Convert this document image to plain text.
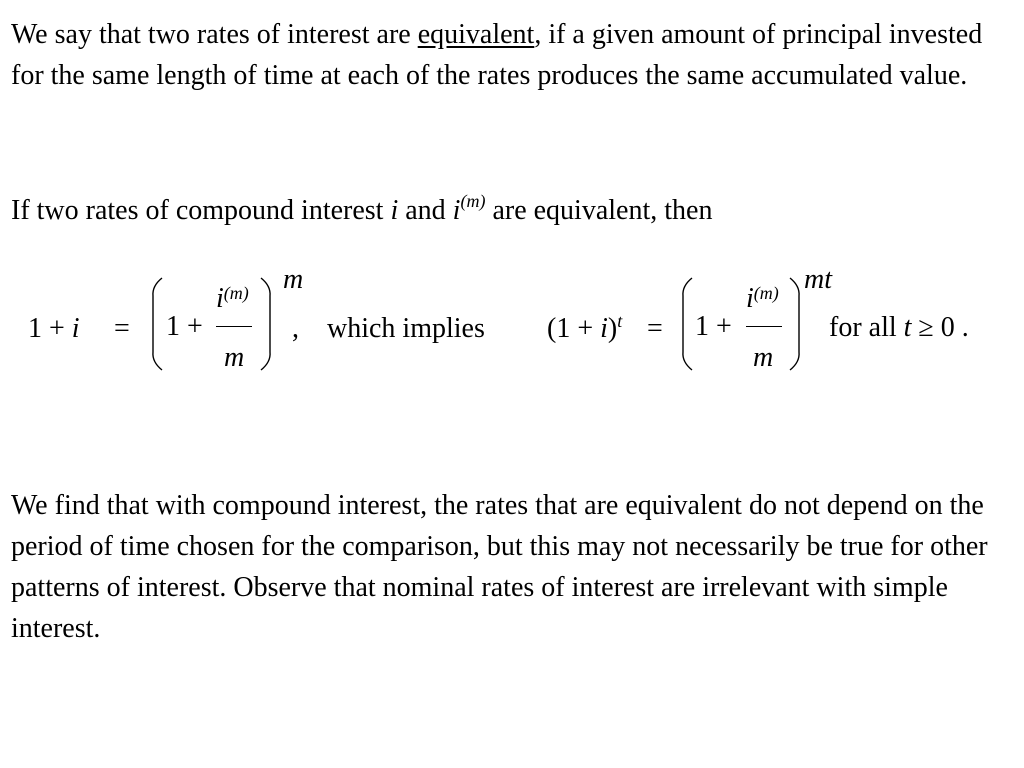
We say that two rates of interest are equivalent, if a given amount of principal invested for the same length of time at each of the rates produces the same accumulated value.

If two rates of compound interest i and $i^{(m)}$ are equivalent, then

1 + i = 1 +
$i^{(m)}$
m
m
, which implies $(1 + i)^t = 1$ +
$i^{(m)}$
m
mt
for all t ≥ 0 .

We find that with compound interest, the rates that are equivalent do not depend on the period of time chosen for the comparison, but this may not necessarily be true for other patterns of interest. Observe that nominal rates of interest are irrelevant with simple interest.
